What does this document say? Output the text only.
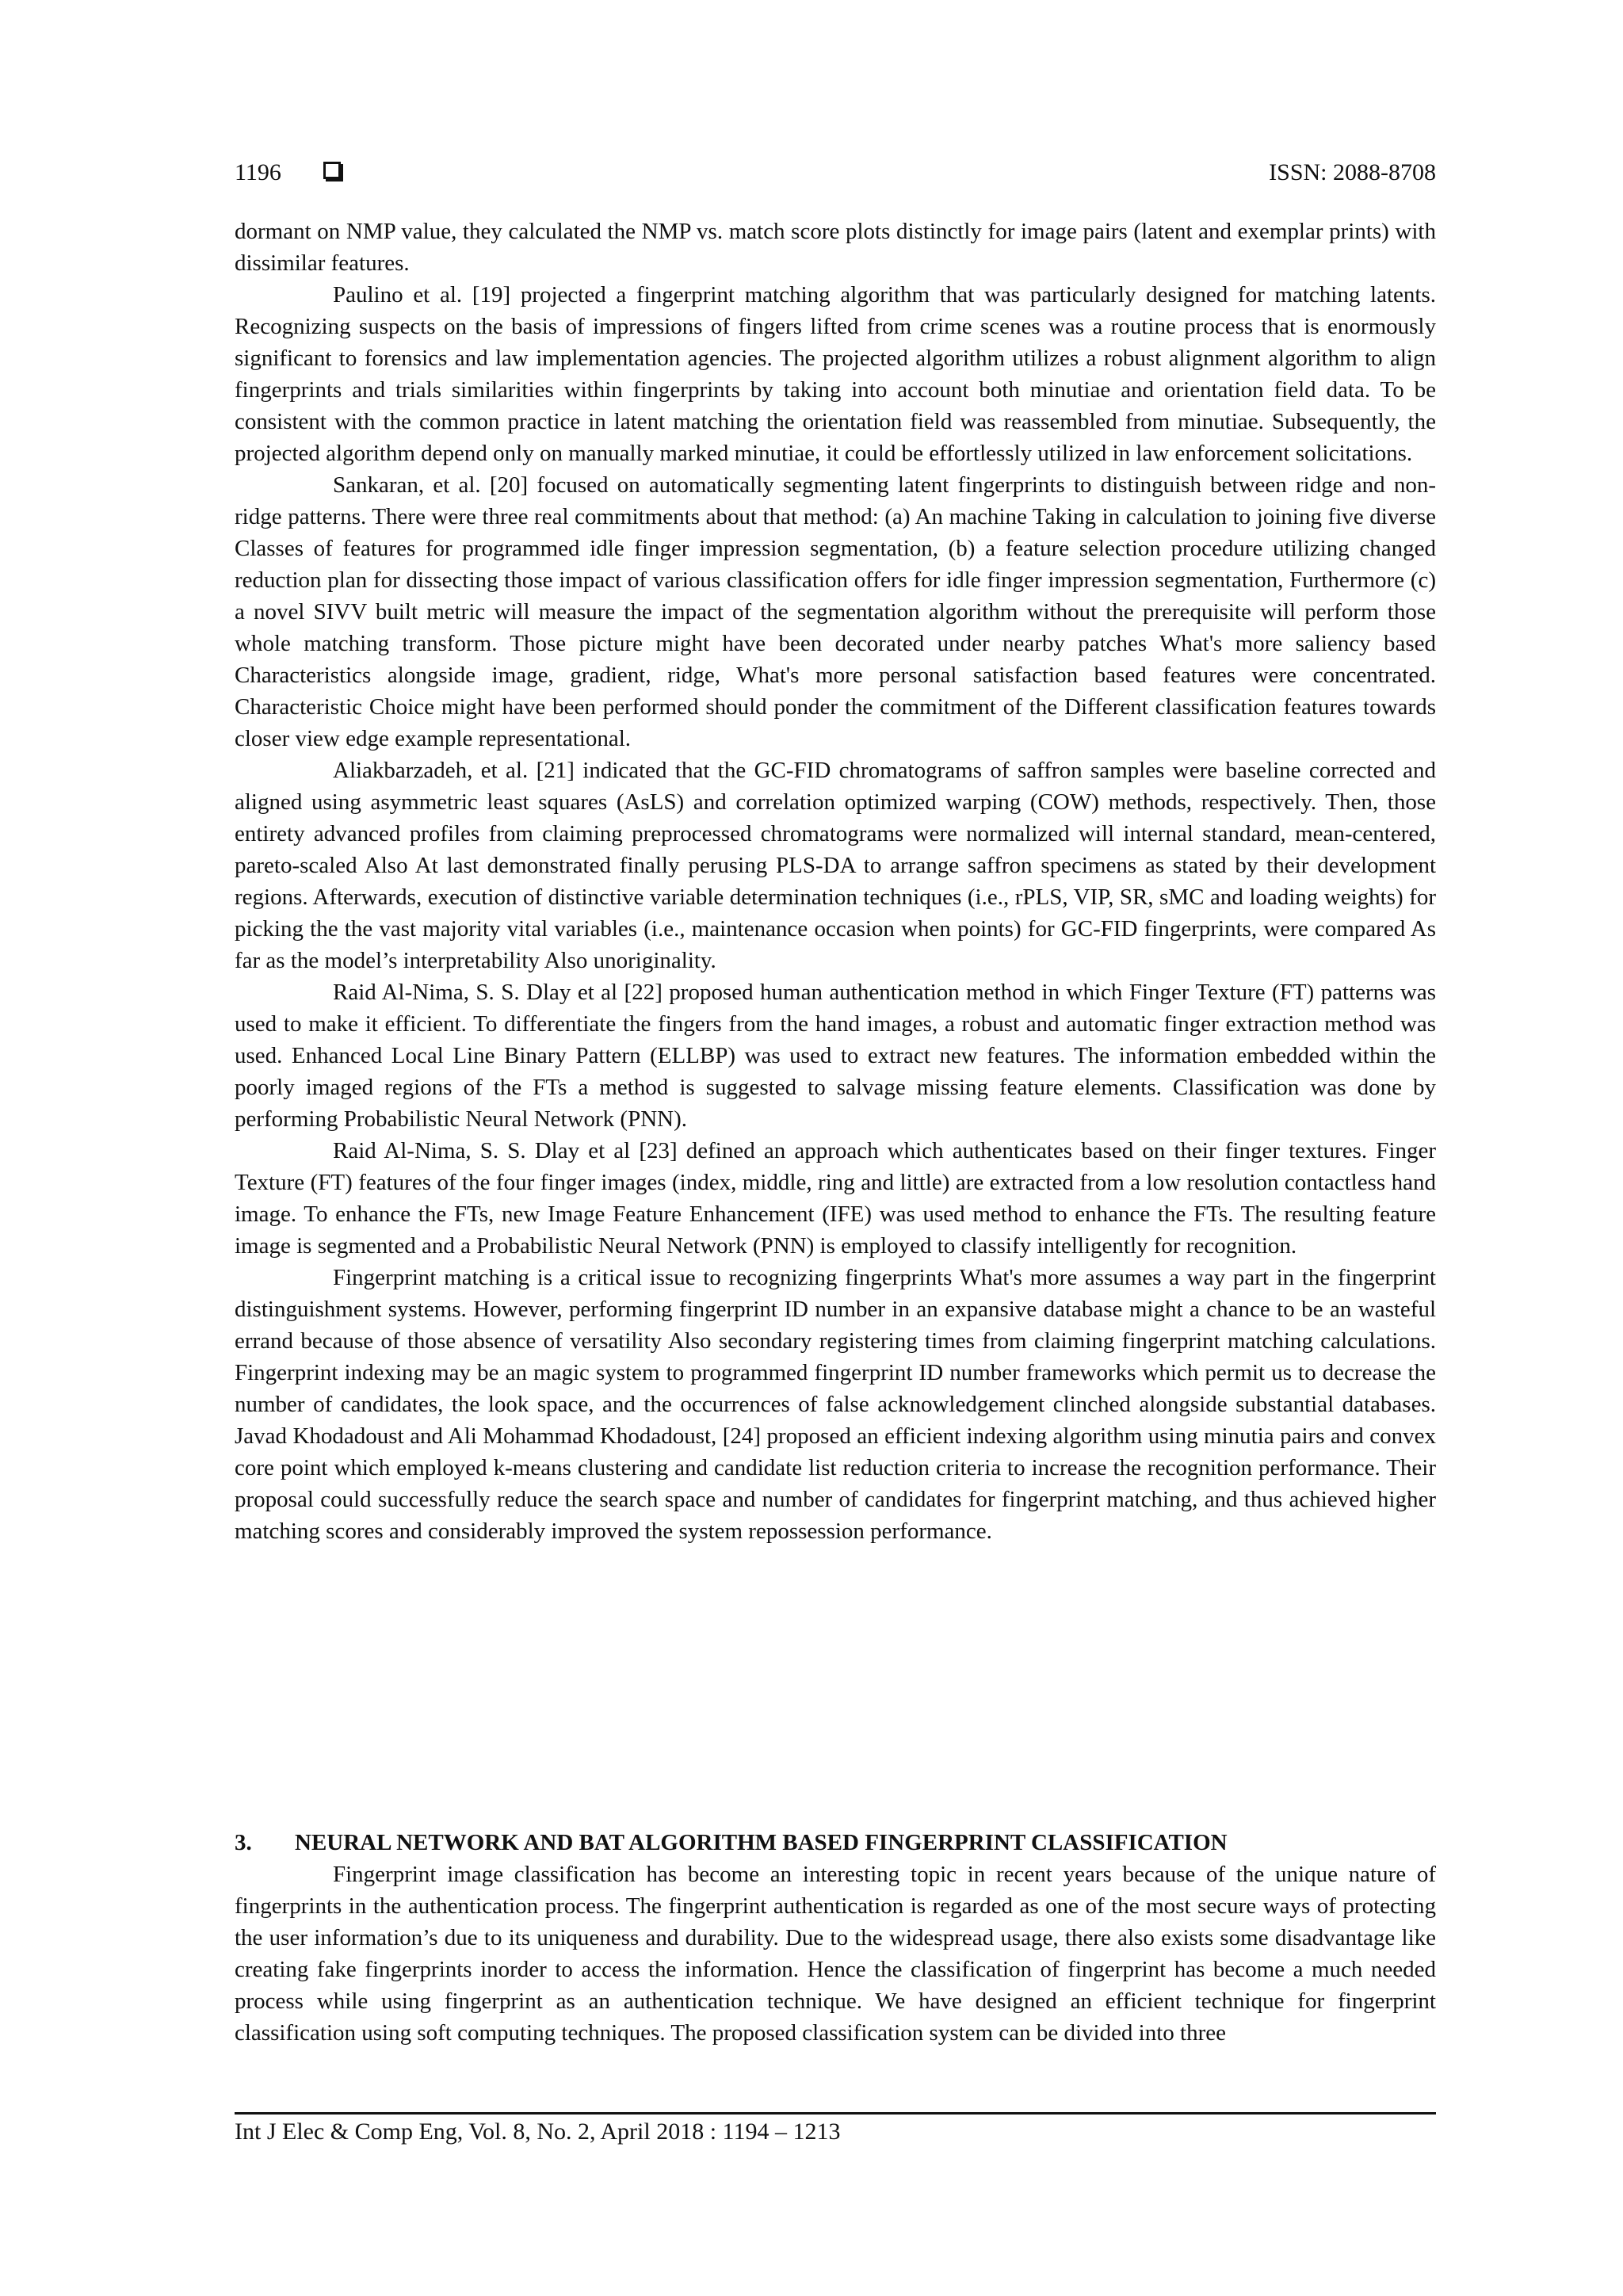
1196	ISSN: 2088-8708

dormant on NMP value, they calculated the NMP vs. match score plots distinctly for image pairs (latent and exemplar prints) with dissimilar features.

Paulino et al. [19] projected a fingerprint matching algorithm that was particularly designed for matching latents. Recognizing suspects on the basis of impressions of fingers lifted from crime scenes was a routine process that is enormously significant to forensics and law implementation agencies. The projected algorithm utilizes a robust alignment algorithm to align fingerprints and trials similarities within fingerprints by taking into account both minutiae and orientation field data. To be consistent with the common practice in latent matching the orientation field was reassembled from minutiae. Subsequently, the projected algorithm depend only on manually marked minutiae, it could be effortlessly utilized in law enforcement solicitations.

Sankaran, et al. [20] focused on automatically segmenting latent fingerprints to distinguish between ridge and non-ridge patterns. There were three real commitments about that method: (a) An machine Taking in calculation to joining five diverse Classes of features for programmed idle finger impression segmentation, (b) a feature selection procedure utilizing changed reduction plan for dissecting those impact of various classification offers for idle finger impression segmentation, Furthermore (c) a novel SIVV built metric will measure the impact of the segmentation algorithm without the prerequisite will perform those whole matching transform. Those picture might have been decorated under nearby patches What's more saliency based Characteristics alongside image, gradient, ridge, What's more personal satisfaction based features were concentrated. Characteristic Choice might have been performed should ponder the commitment of the Different classification features towards closer view edge example representational.

Aliakbarzadeh, et al. [21] indicated that the GC-FID chromatograms of saffron samples were baseline corrected and aligned using asymmetric least squares (AsLS) and correlation optimized warping (COW) methods, respectively. Then, those entirety advanced profiles from claiming preprocessed chromatograms were normalized will internal standard, mean-centered, pareto-scaled Also At last demonstrated finally perusing PLS-DA to arrange saffron specimens as stated by their development regions. Afterwards, execution of distinctive variable determination techniques (i.e., rPLS, VIP, SR, sMC and loading weights) for picking the the vast majority vital variables (i.e., maintenance occasion when points) for GC-FID fingerprints, were compared As far as the model’s interpretability Also unoriginality.

Raid Al-Nima, S. S. Dlay et al [22] proposed human authentication method in which Finger Texture (FT) patterns was used to make it efficient. To differentiate the fingers from the hand images, a robust and automatic finger extraction method was used. Enhanced Local Line Binary Pattern (ELLBP) was used to extract new features. The information embedded within the poorly imaged regions of the FTs a method is suggested to salvage missing feature elements. Classification was done by performing Probabilistic Neural Network (PNN).

Raid Al-Nima, S. S. Dlay et al [23] defined an approach which authenticates based on their finger textures. Finger Texture (FT) features of the four finger images (index, middle, ring and little) are extracted from a low resolution contactless hand image. To enhance the FTs, new Image Feature Enhancement (IFE) was used method to enhance the FTs. The resulting feature image is segmented and a Probabilistic Neural Network (PNN) is employed to classify intelligently for recognition.

Fingerprint matching is a critical issue to recognizing fingerprints What's more assumes a way part in the fingerprint distinguishment systems. However, performing fingerprint ID number in an expansive database might a chance to be an wasteful errand because of those absence of versatility Also secondary registering times from claiming fingerprint matching calculations. Fingerprint indexing may be an magic system to programmed fingerprint ID number frameworks which permit us to decrease the number of candidates, the look space, and the occurrences of false acknowledgement clinched alongside substantial databases. Javad Khodadoust and Ali Mohammad Khodadoust, [24] proposed an efficient indexing algorithm using minutia pairs and convex core point which employed k-means clustering and candidate list reduction criteria to increase the recognition performance. Their proposal could successfully reduce the search space and number of candidates for fingerprint matching, and thus achieved higher matching scores and considerably improved the system repossession performance.

3. NEURAL NETWORK AND BAT ALGORITHM BASED FINGERPRINT CLASSIFICATION

Fingerprint image classification has become an interesting topic in recent years because of the unique nature of fingerprints in the authentication process. The fingerprint authentication is regarded as one of the most secure ways of protecting the user information’s due to its uniqueness and durability. Due to the widespread usage, there also exists some disadvantage like creating fake fingerprints inorder to access the information. Hence the classification of fingerprint has become a much needed process while using fingerprint as an authentication technique. We have designed an efficient technique for fingerprint classification using soft computing techniques. The proposed classification system can be divided into three

Int J Elec & Comp Eng, Vol. 8, No. 2, April 2018 : 1194 – 1213
